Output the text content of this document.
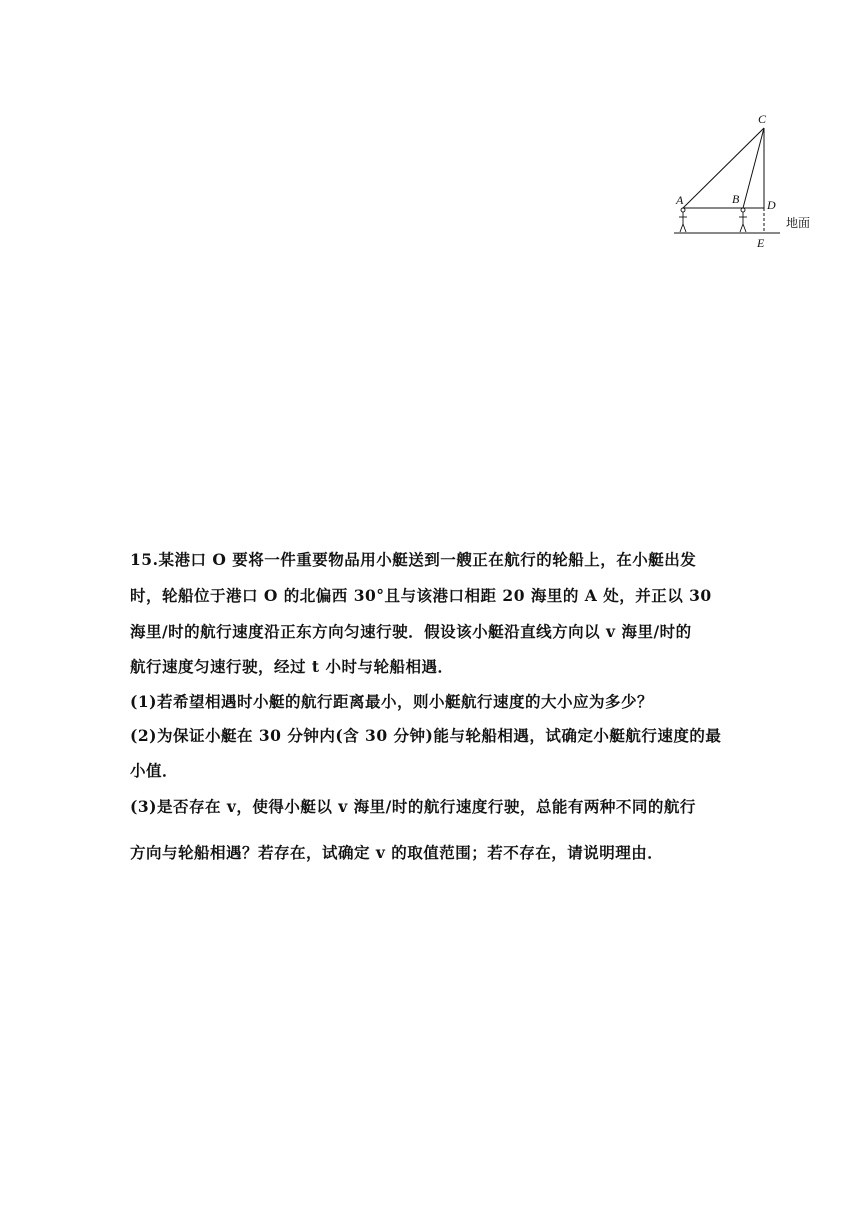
C
A	B D
E
地面
15.某港口 O 要将一件重要物品用小艇送到一艘正在航行的轮船上，在小艇出发
时，轮船位于港口 O 的北偏西 30°且与该港口相距 20 海里的 A 处，并正以 30
海里/时的航行速度沿正东方向匀速行驶．假设该小艇沿直线方向以 v 海里/时的
航行速度匀速行驶，经过 t 小时与轮船相遇．
(1)若希望相遇时小艇的航行距离最小，则小艇航行速度的大小应为多少？
(2)为保证小艇在 30 分钟内(含 30 分钟)能与轮船相遇，试确定小艇航行速度的最
小值．
(3)是否存在 v，使得小艇以 v 海里/时的航行速度行驶，总能有两种不同的航行
方向与轮船相遇？若存在，试确定 v 的取值范围；若不存在，请说明理由．
